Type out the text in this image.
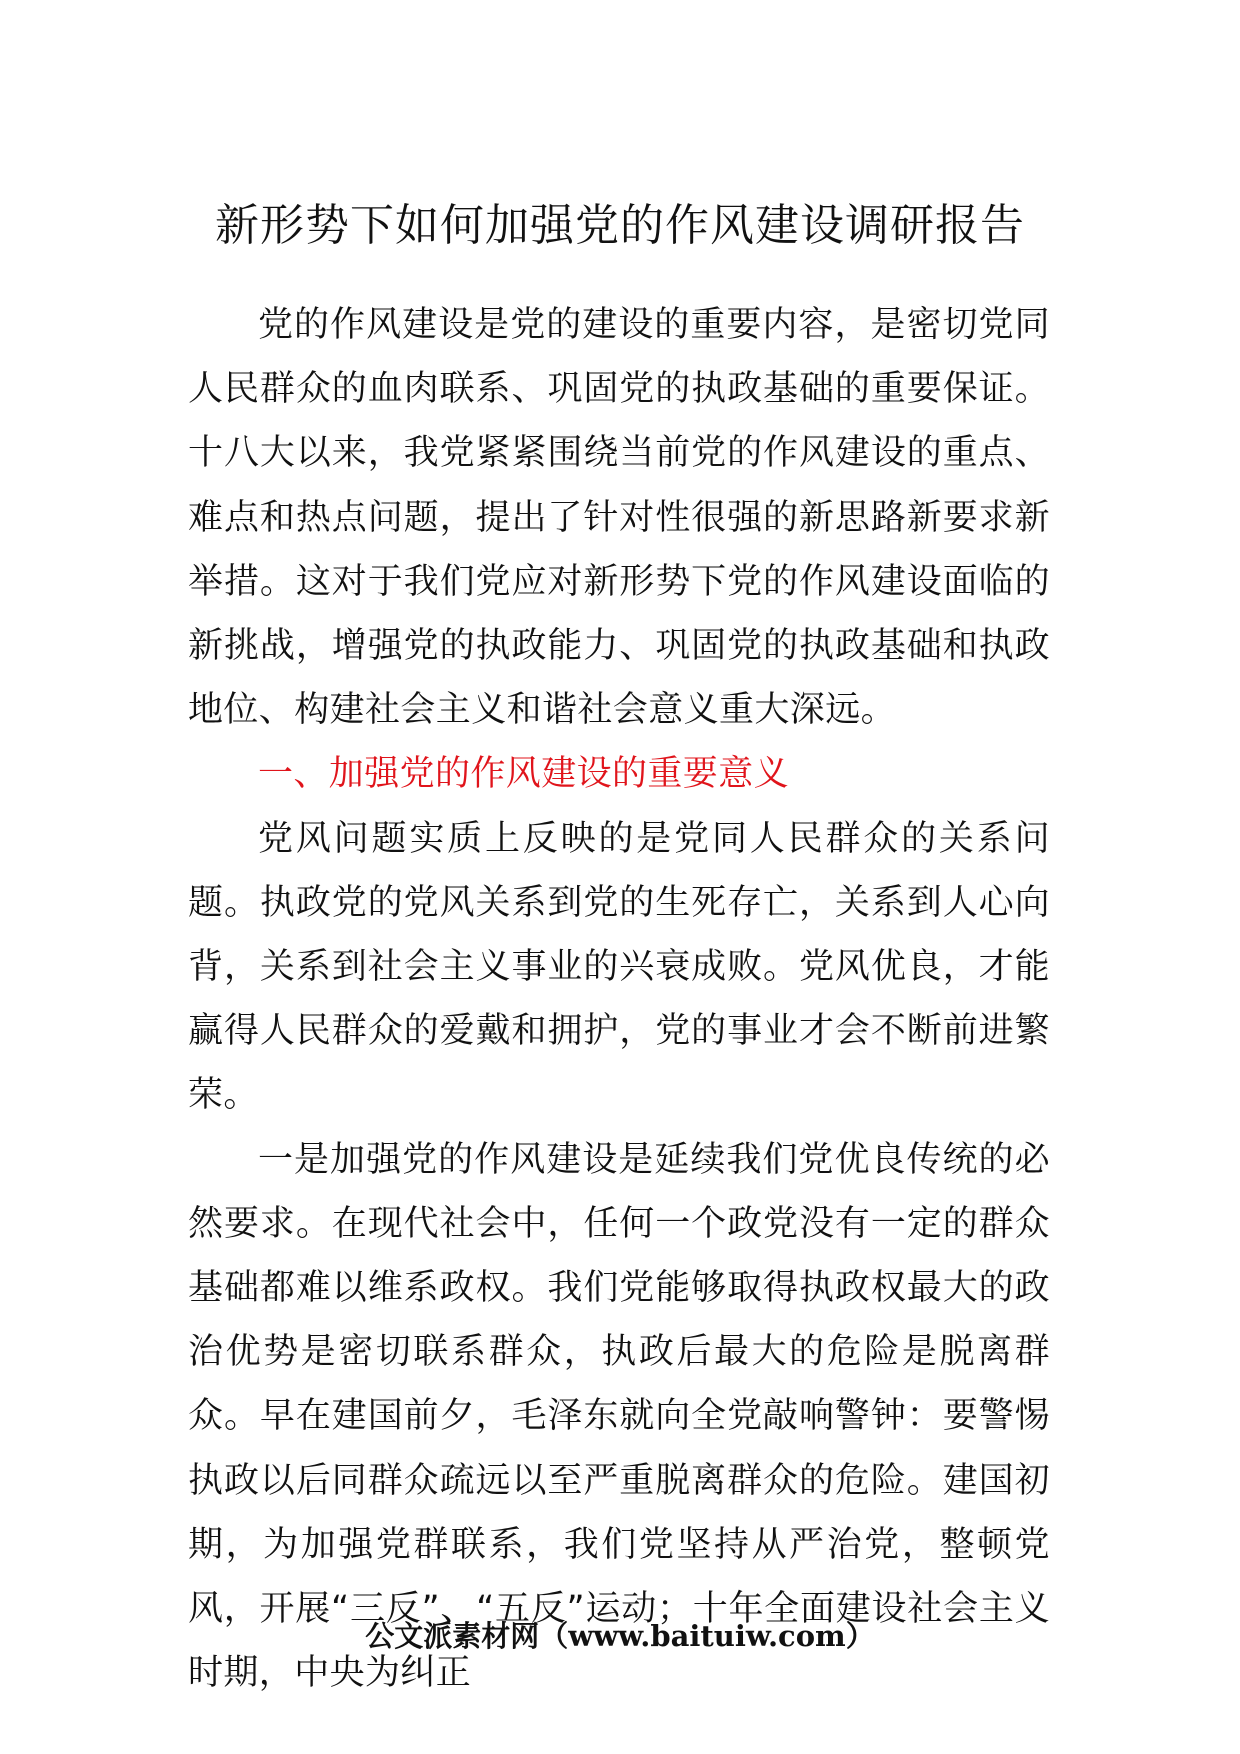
新形势下如何加强党的作风建设调研报告

党的作风建设是党的建设的重要内容，是密切党同人民群众的血肉联系、巩固党的执政基础的重要保证。十八大以来，我党紧紧围绕当前党的作风建设的重点、难点和热点问题，提出了针对性很强的新思路新要求新举措。这对于我们党应对新形势下党的作风建设面临的新挑战，增强党的执政能力、巩固党的执政基础和执政地位、构建社会主义和谐社会意义重大深远。

一、加强党的作风建设的重要意义

党风问题实质上反映的是党同人民群众的关系问题。执政党的党风关系到党的生死存亡，关系到人心向背，关系到社会主义事业的兴衰成败。党风优良，才能赢得人民群众的爱戴和拥护，党的事业才会不断前进繁荣。

一是加强党的作风建设是延续我们党优良传统的必然要求。在现代社会中，任何一个政党没有一定的群众基础都难以维系政权。我们党能够取得执政权最大的政治优势是密切联系群众，执政后最大的危险是脱离群众。早在建国前夕，毛泽东就向全党敲响警钟：要警惕执政以后同群众疏远以至严重脱离群众的危险。建国初期，为加强党群联系，我们党坚持从严治党，整顿党风，开展“三反”、“五反”运动；十年全面建设社会主义时期，中央为纠正

公文派素材网（www.baituiw.com）
